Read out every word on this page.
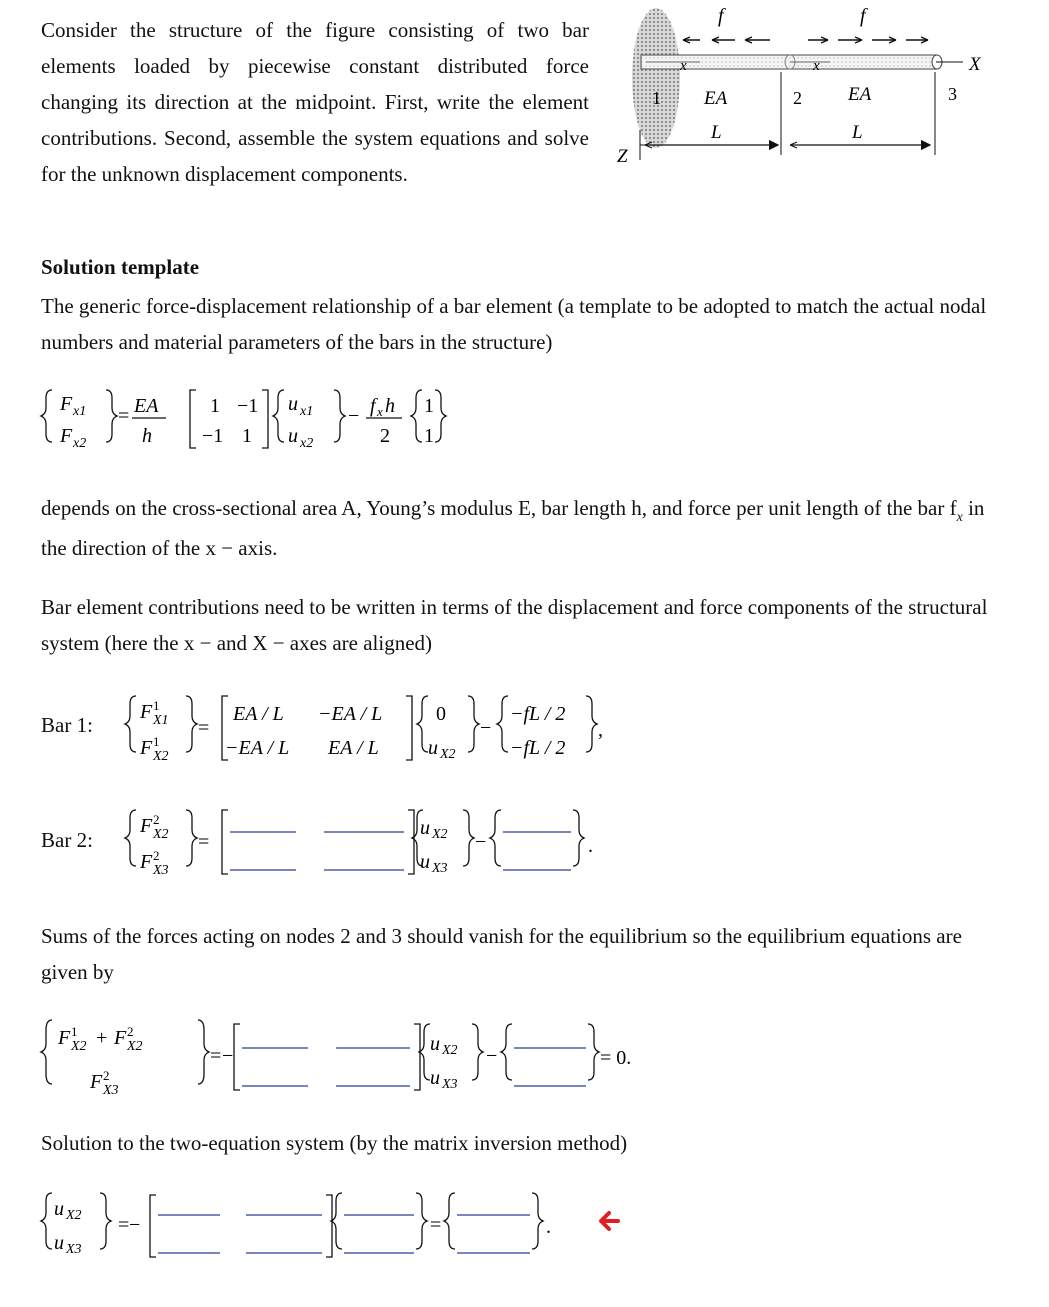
Consider the structure of the figure consisting of two bar elements loaded by piecewise constant distributed force changing its direction at the midpoint. First, write the element contributions. Second, assemble the system equations and solve for the unknown displacement components.

x	x	X
f	f
1	2	3
EA	EA
L	L
Z
Solution template

The generic force-displacement relationship of a bar element (a template to be adopted to match the actual nodal numbers and material parameters of the bars in the structure)

F x1
F x2
= EA
h
1 −1
−1 1
u x1
u x2
− f x h
2
1
1

depends on the cross-sectional area A, Young’s modulus E, bar length h, and force per unit length of the bar $f_x$ in the direction of the x − axis.

Bar element contributions need to be written in terms of the displacement and force components of the structural system (here the x − and X − axes are aligned)

Bar 1:
F 1
X1
F 1
X2
=
EA / L −EA / L
−EA / L EA / L
0
u X2
−
−fL / 2
−fL / 2
,
Bar 2:
F 2
X2
F 2
X3
=
u X2
u X3
−	.

Sums of the forces acting on nodes 2 and 3 should vanish for the equilibrium so the equilibrium equations are given by

F 1
X2 + F 2
X2
F 2
X3
=
u X2
u X3
−	= 0.
−

Solution to the two-equation system (by the matrix inversion method)

u X2
u X3
= −	=	.
